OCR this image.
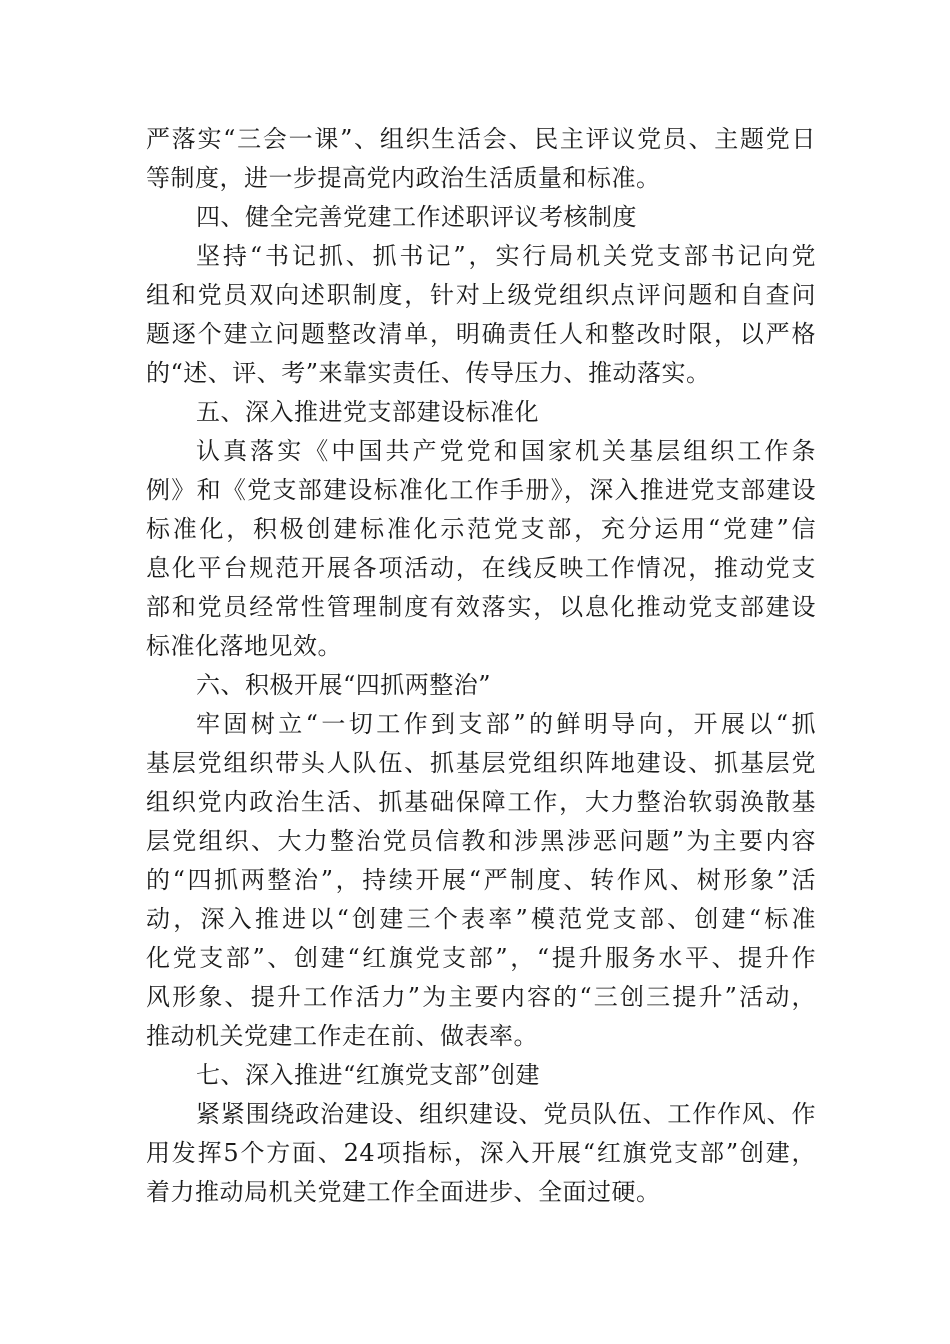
严落实“三会一课”、组织生活会、民主评议党员、主题党日
等制度，进一步提高党内政治生活质量和标准。
四、健全完善党建工作述职评议考核制度
坚持“书记抓、抓书记”，实行局机关党支部书记向党
组和党员双向述职制度，针对上级党组织点评问题和自查问
题逐个建立问题整改清单，明确责任人和整改时限，以严格
的“述、评、考”来靠实责任、传导压力、推动落实。
五、深入推进党支部建设标准化
认真落实《中国共产党党和国家机关基层组织工作条
例》和《党支部建设标准化工作手册》，深入推进党支部建设
标准化，积极创建标准化示范党支部，充分运用“党建”信
息化平台规范开展各项活动，在线反映工作情况，推动党支
部和党员经常性管理制度有效落实，以息化推动党支部建设
标准化落地见效。
六、积极开展“四抓两整治”
牢固树立“一切工作到支部”的鲜明导向，开展以“抓
基层党组织带头人队伍、抓基层党组织阵地建设、抓基层党
组织党内政治生活、抓基础保障工作，大力整治软弱涣散基
层党组织、大力整治党员信教和涉黑涉恶问题”为主要内容
的“四抓两整治”，持续开展“严制度、转作风、树形象”活
动，深入推进以“创建三个表率”模范党支部、创建“标准
化党支部”、创建“红旗党支部”，“提升服务水平、提升作
风形象、提升工作活力”为主要内容的“三创三提升”活动，
推动机关党建工作走在前、做表率。
七、深入推进“红旗党支部”创建
紧紧围绕政治建设、组织建设、党员队伍、工作作风、作
用发挥5个方面、24项指标，深入开展“红旗党支部”创建，
着力推动局机关党建工作全面进步、全面过硬。
